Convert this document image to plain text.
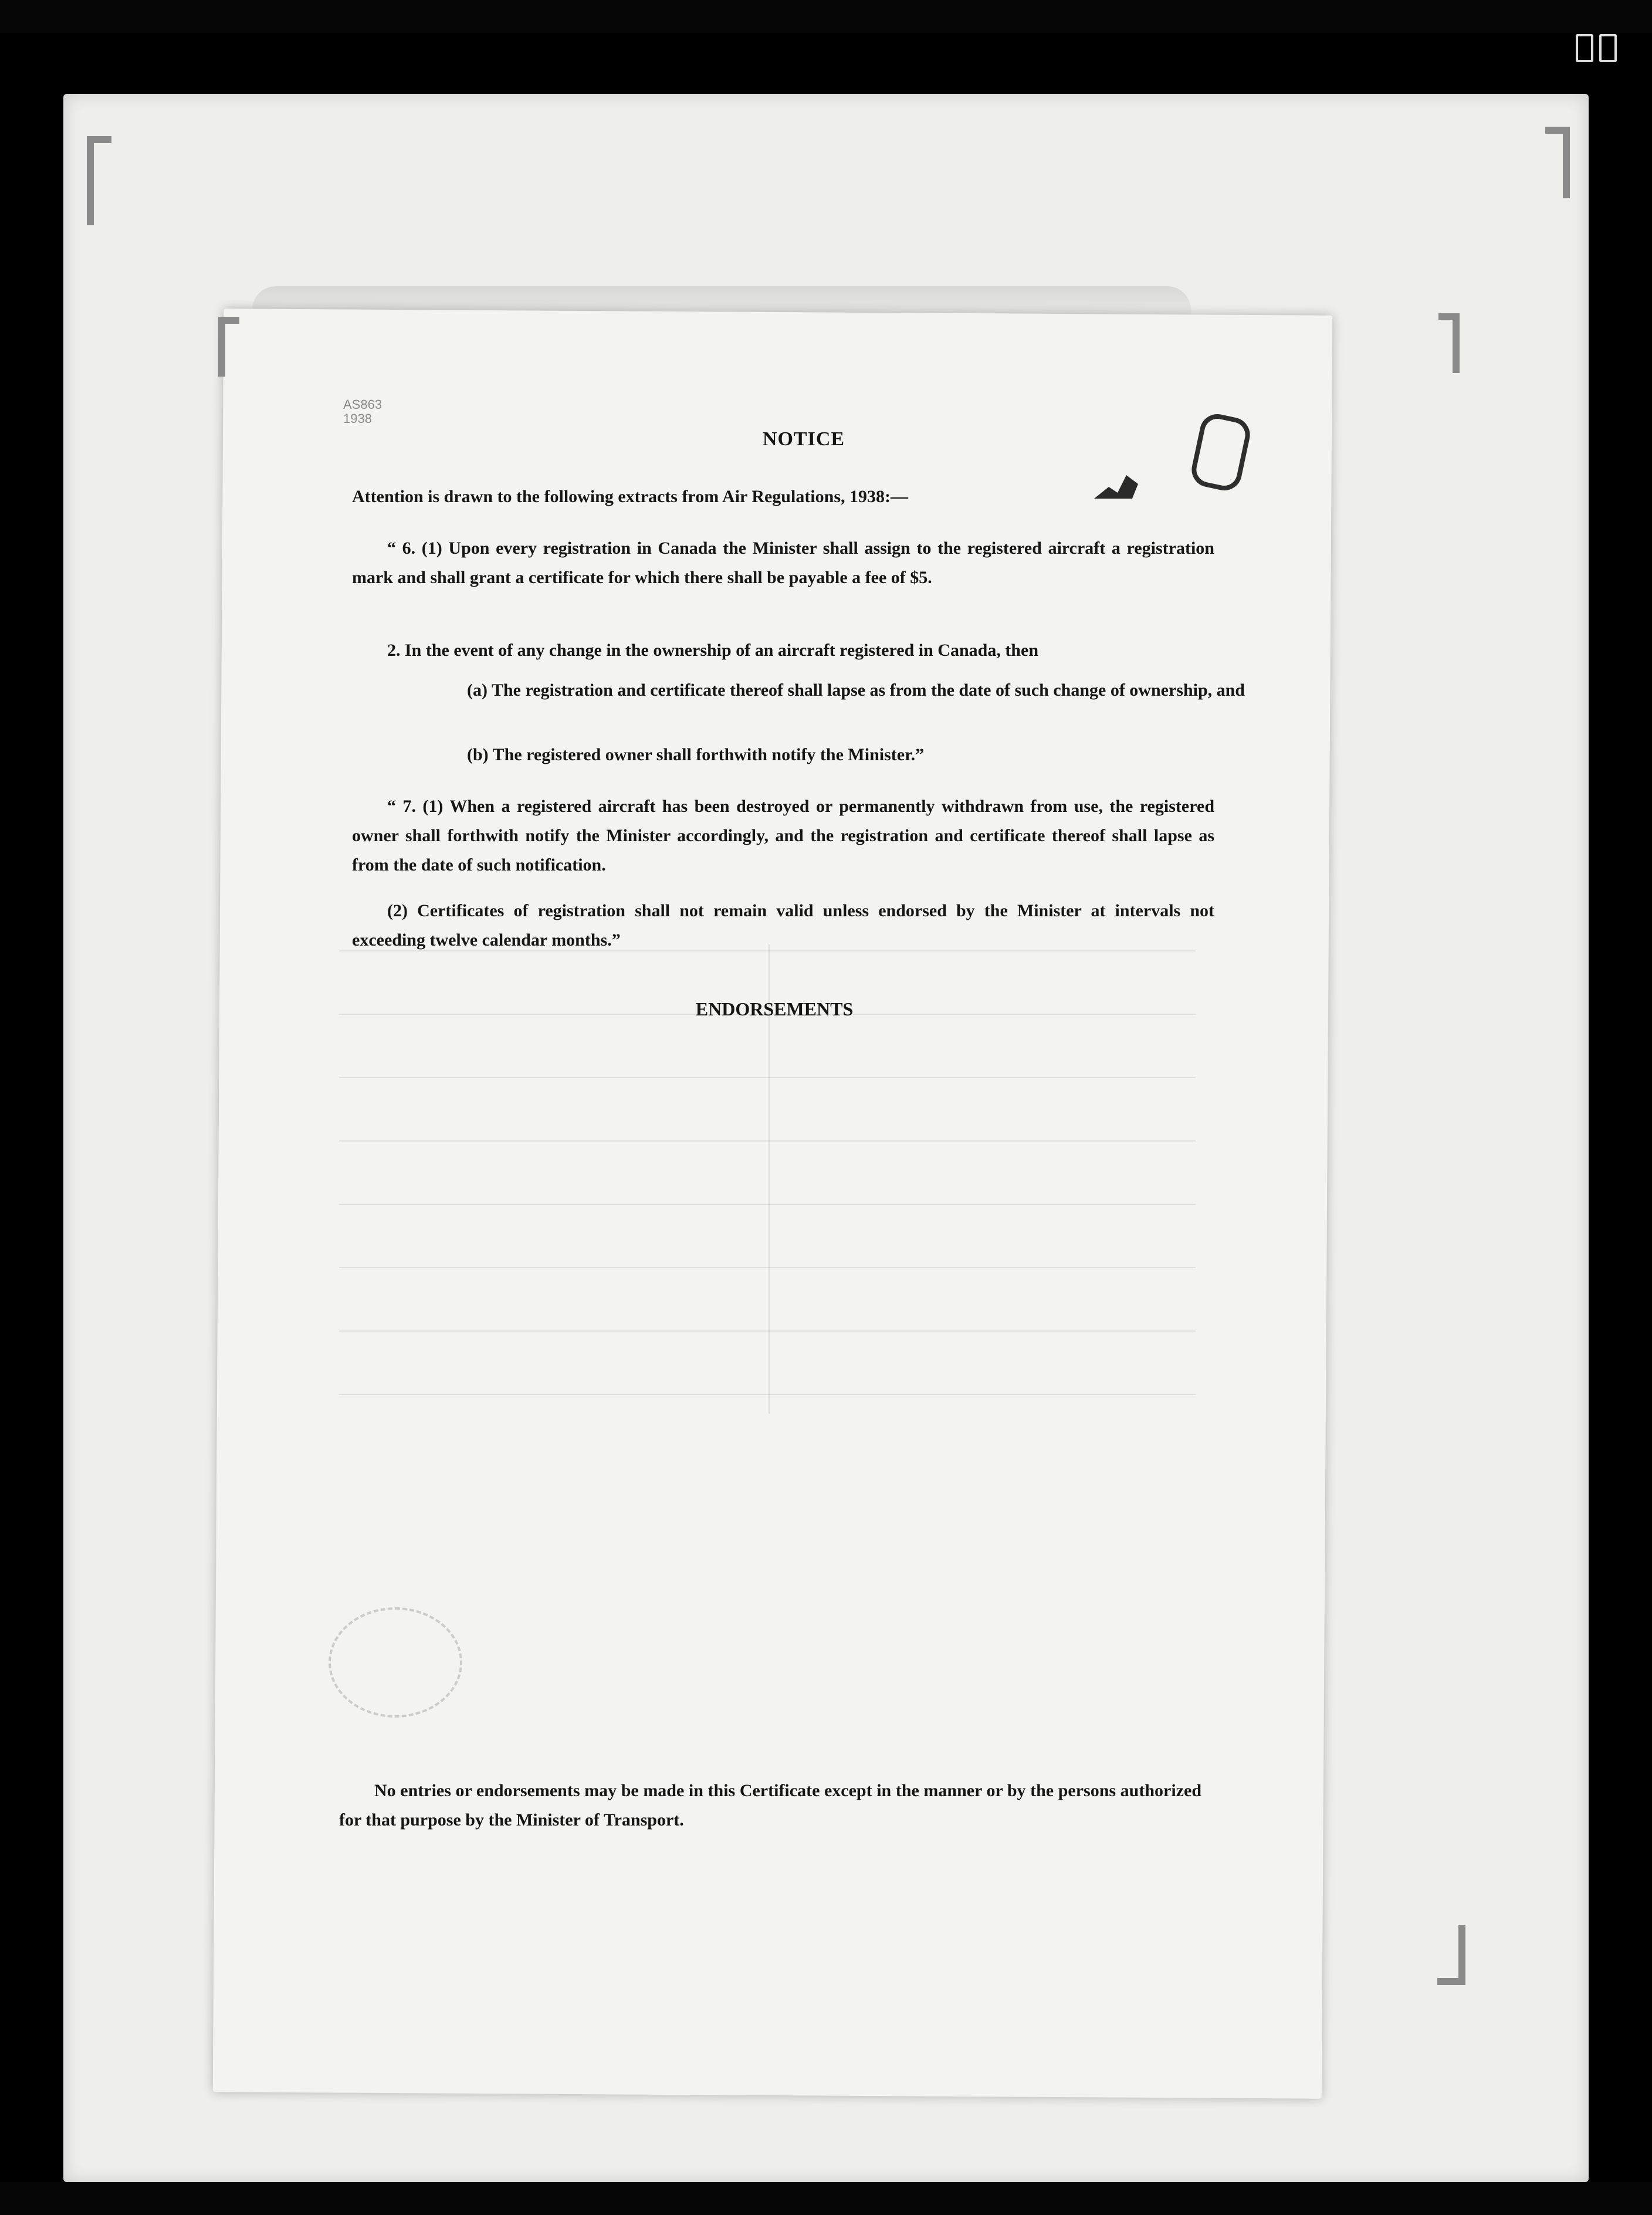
AS863
1938
NOTICE
Attention is drawn to the following extracts from Air Regulations, 1938:—
“ 6. (1) Upon every registration in Canada the Minister shall assign to the registered aircraft a registration mark and shall grant a certificate for which there shall be payable a fee of $5.
2. In the event of any change in the ownership of an aircraft registered in Canada, then
(a) The registration and certificate thereof shall lapse as from the date of such change of ownership, and
(b) The registered owner shall forthwith notify the Minister.”
“ 7. (1) When a registered aircraft has been destroyed or permanently withdrawn from use, the registered owner shall forthwith notify the Minister accordingly, and the registration and certificate thereof shall lapse as from the date of such notification.
(2) Certificates of registration shall not remain valid unless endorsed by the Minister at intervals not exceeding twelve calendar months.”
ENDORSEMENTS
No entries or endorsements may be made in this Certificate except in the manner or by the persons authorized for that purpose by the Minister of Transport.
